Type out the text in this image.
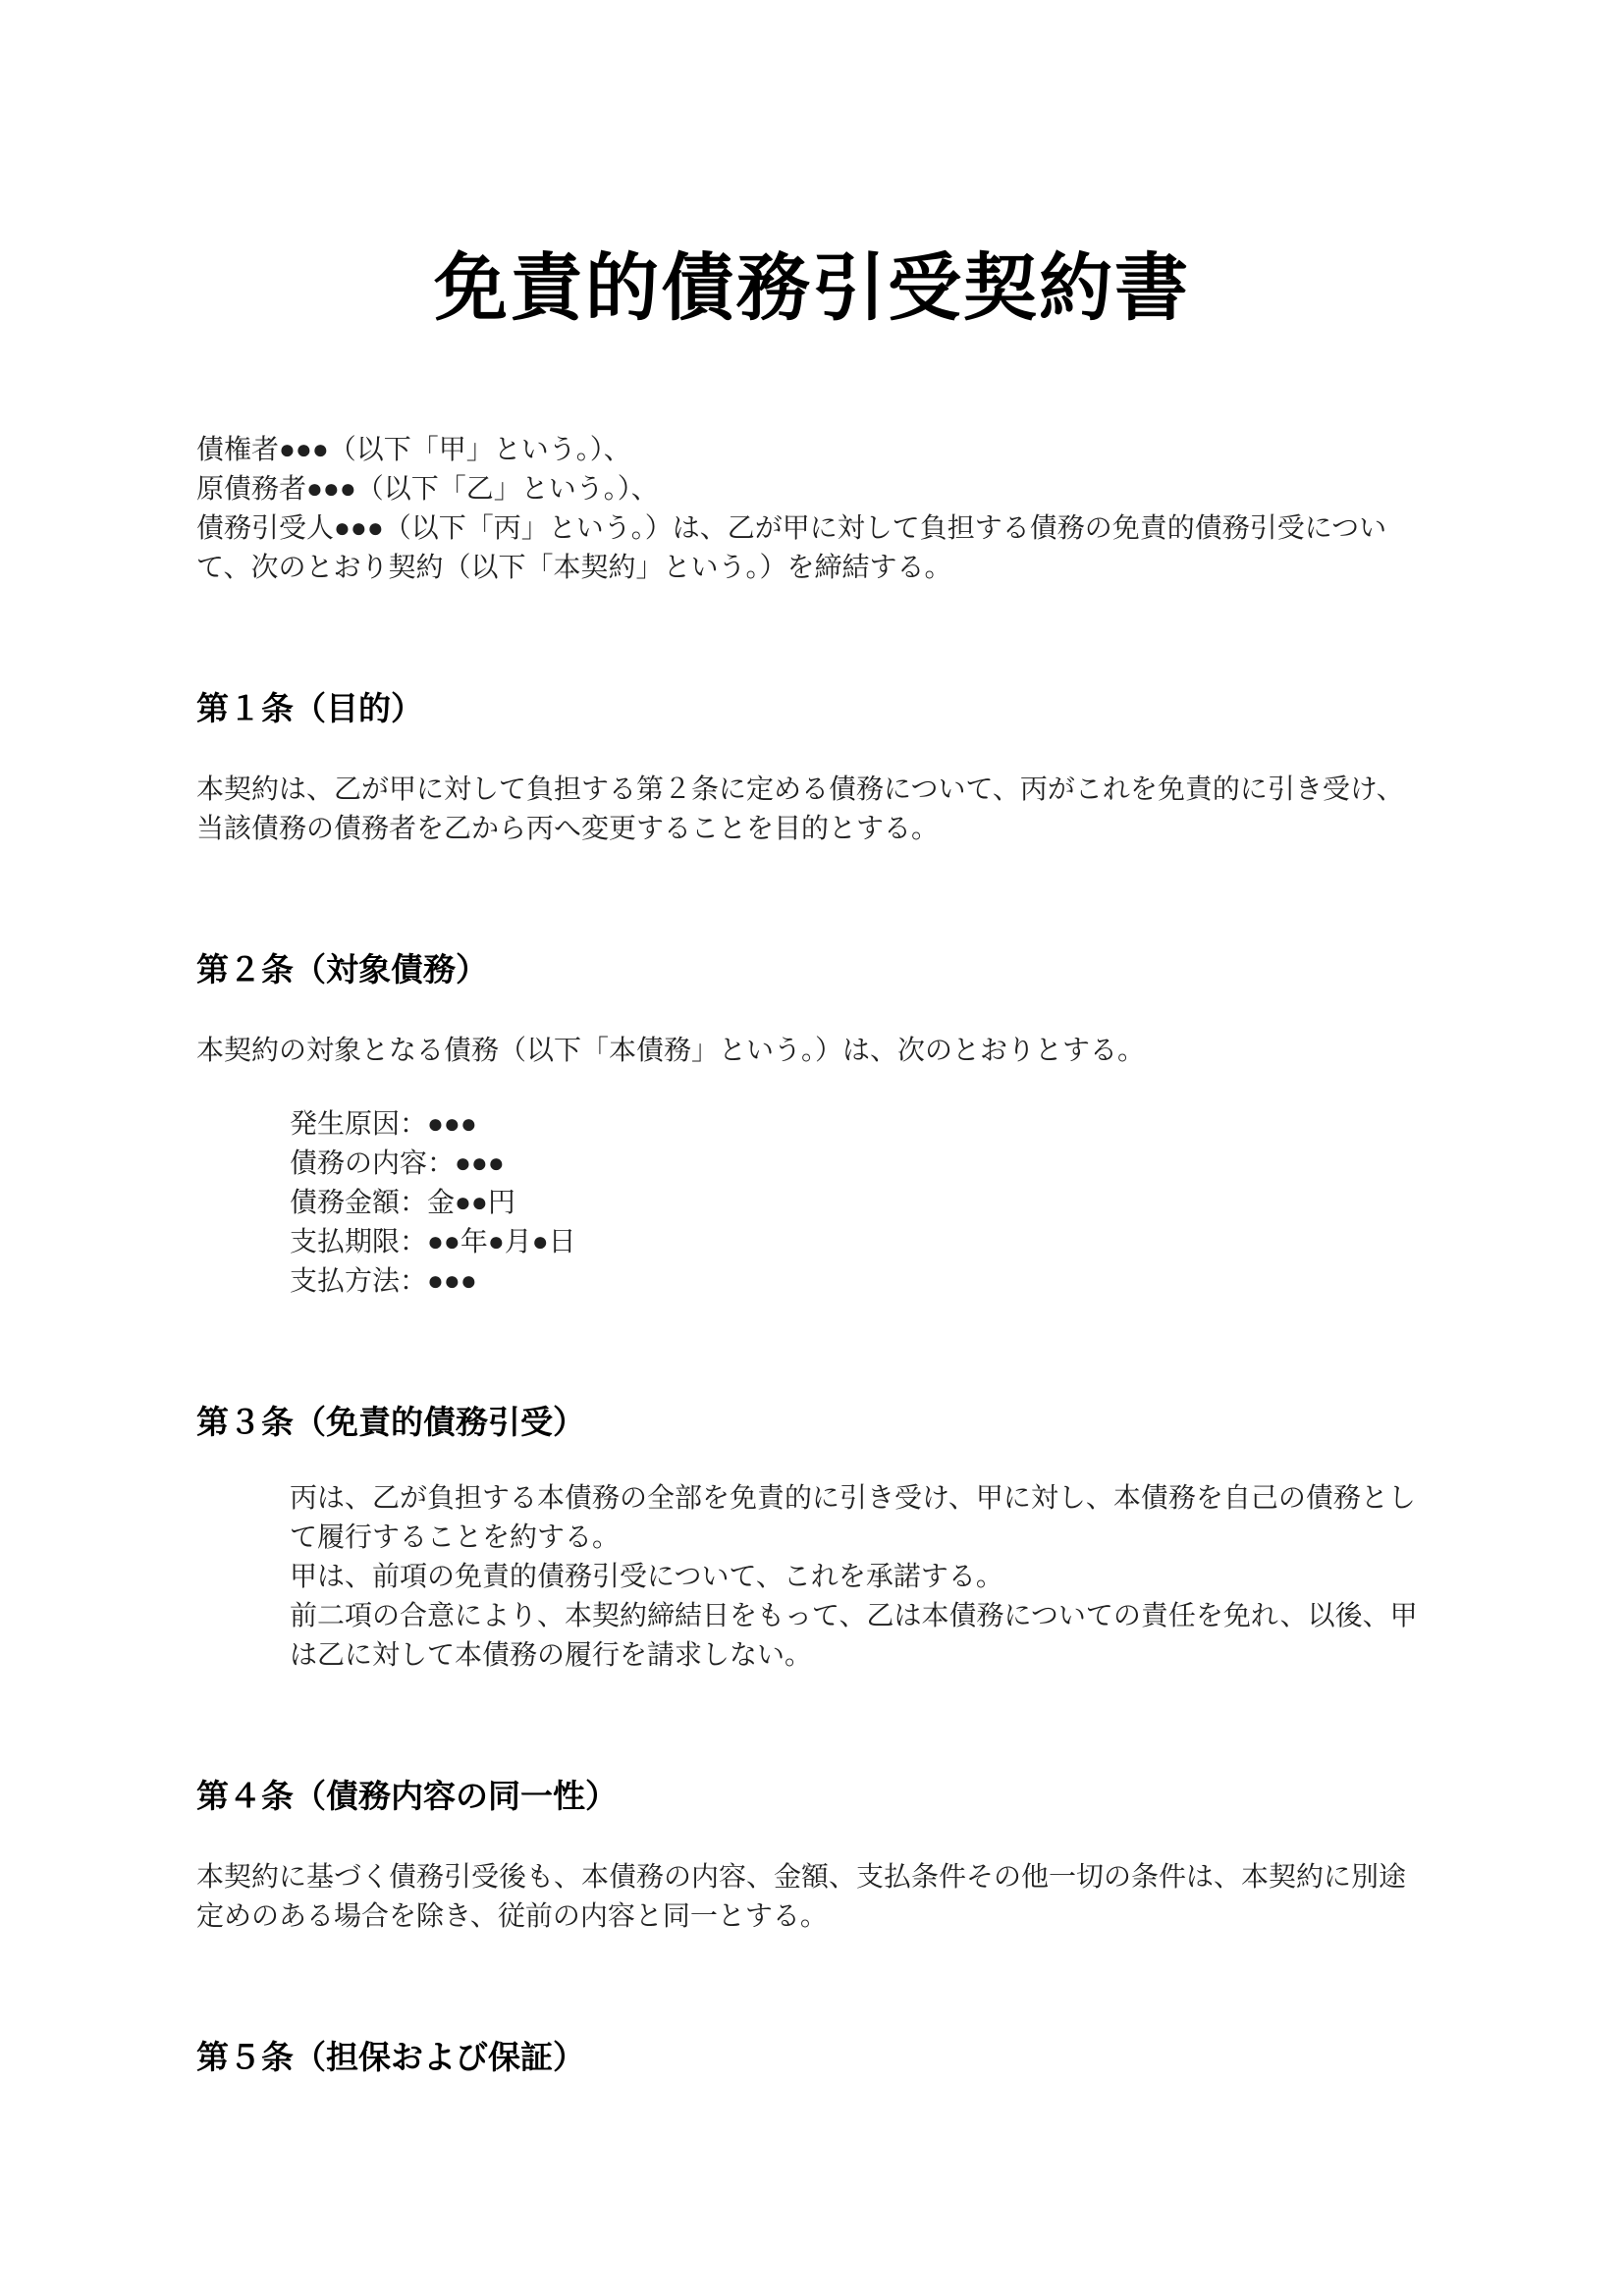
免責的債務引受契約書

債権者●●●（以下「甲」という。）、
原債務者●●●（以下「乙」という。）、
債務引受人●●●（以下「丙」という。）は、乙が甲に対して負担する債務の免責的債務引受について、次のとおり契約（以下「本契約」という。）を締結する。

第１条（目的）

本契約は、乙が甲に対して負担する第２条に定める債務について、丙がこれを免責的に引き受け、当該債務の債務者を乙から丙へ変更することを目的とする。

第２条（対象債務）

本契約の対象となる債務（以下「本債務」という。）は、次のとおりとする。

発生原因：●●●
債務の内容：●●●
債務金額：金●●円
支払期限：●●年●月●日
支払方法：●●●

第３条（免責的債務引受）

丙は、乙が負担する本債務の全部を免責的に引き受け、甲に対し、本債務を自己の債務として履行することを約する。
甲は、前項の免責的債務引受について、これを承諾する。
前二項の合意により、本契約締結日をもって、乙は本債務についての責任を免れ、以後、甲は乙に対して本債務の履行を請求しない。

第４条（債務内容の同一性）

本契約に基づく債務引受後も、本債務の内容、金額、支払条件その他一切の条件は、本契約に別途定めのある場合を除き、従前の内容と同一とする。

第５条（担保および保証）
